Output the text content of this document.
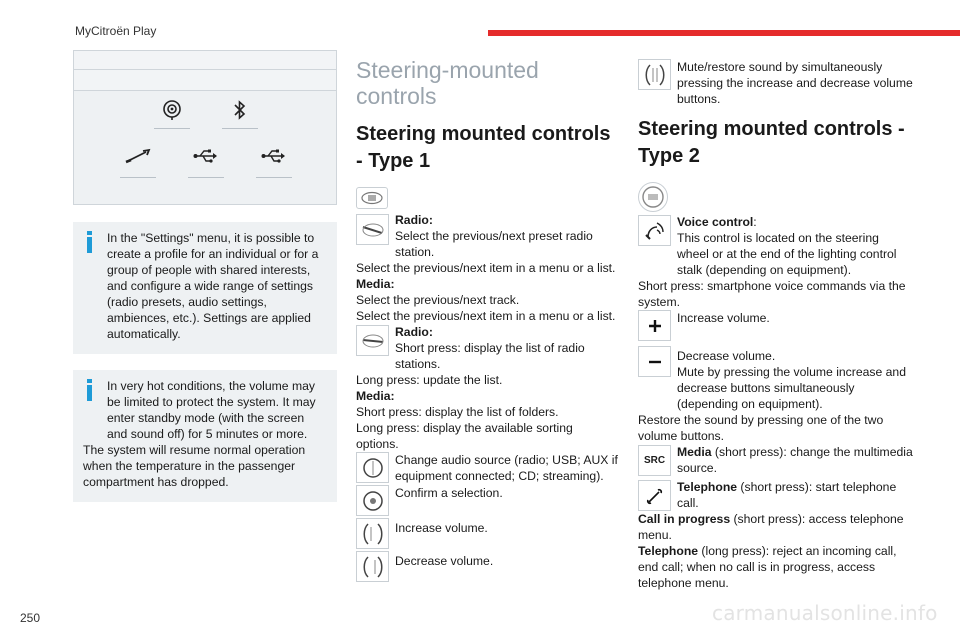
MyCitroën Play
In the "Settings" menu, it is possible to create a profile for an individual or for a group of people with shared interests, and configure a wide range of settings (radio presets, audio settings, ambiences, etc.). Settings are applied automatically.
In very hot conditions, the volume may be limited to protect the system. It may enter standby mode (with the screen and sound off) for 5 minutes or more.
The system will resume normal operation when the temperature in the passenger compartment has dropped.
Steering-mounted controls
Steering mounted controls - Type 1
Radio:
Select the previous/next preset radio station.
Select the previous/next item in a menu or a list.
Media:
Select the previous/next track.
Select the previous/next item in a menu or a list.
Radio:
Short press: display the list of radio stations.
Long press: update the list.
Media:
Short press: display the list of folders.
Long press: display the available sorting options.
Change audio source (radio; USB; AUX if equipment connected; CD; streaming).
Confirm a selection.
Increase volume.
Decrease volume.
Mute/restore sound by simultaneously pressing the increase and decrease volume buttons.
Steering mounted controls - Type 2
Voice control:
This control is located on the steering wheel or at the end of the lighting control stalk (depending on equipment).
Short press: smartphone voice commands via the system.
Increase volume.
Decrease volume.
Mute by pressing the volume increase and decrease buttons simultaneously (depending on equipment).
Restore the sound by pressing one of the two volume buttons.
SRC
Media (short press): change the multimedia source.
Telephone (short press): start telephone call.
Call in progress (short press): access telephone menu.
Telephone (long press): reject an incoming call, end call; when no call is in progress, access telephone menu.
250	carmanualsonline.info
